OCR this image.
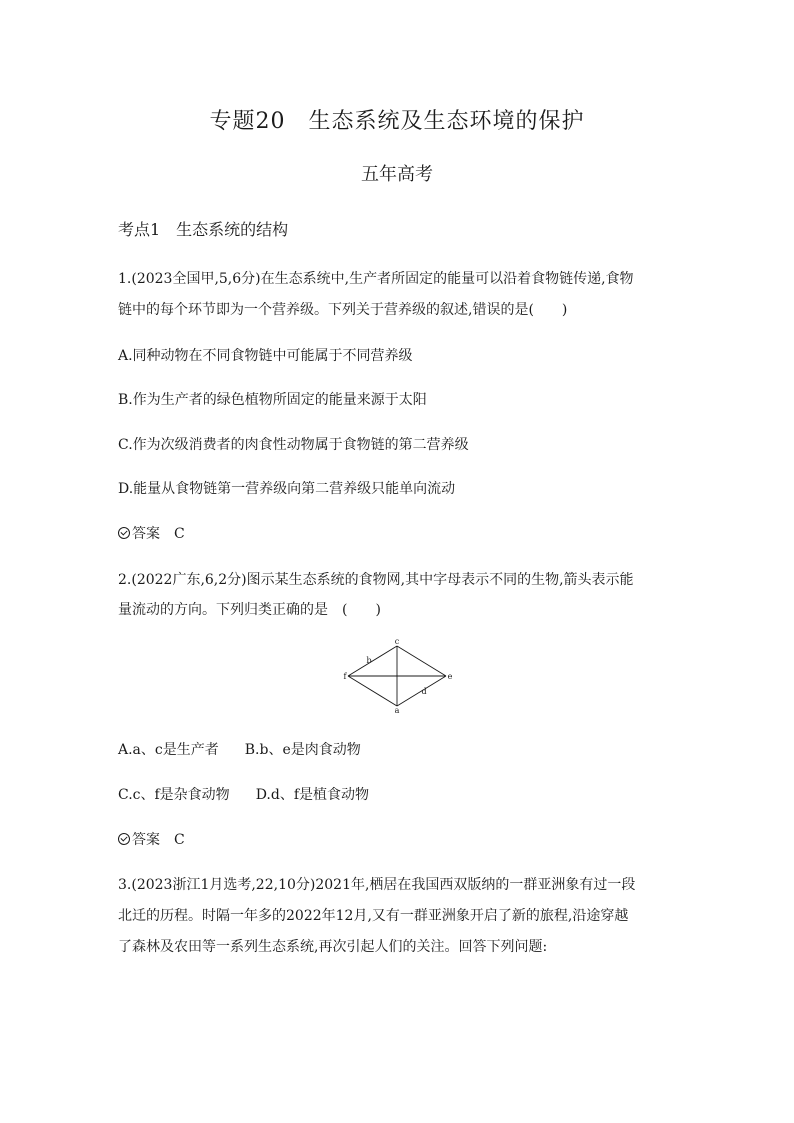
专题20　生态系统及生态环境的保护
五年高考
考点1　生态系统的结构
1.(2023全国甲,5,6分)在生态系统中,生产者所固定的能量可以沿着食物链传递,食物
链中的每个环节即为一个营养级。下列关于营养级的叙述,错误的是(　　)
A.同种动物在不同食物链中可能属于不同营养级
B.作为生产者的绿色植物所固定的能量来源于太阳
C.作为次级消费者的肉食性动物属于食物链的第二营养级
D.能量从食物链第一营养级向第二营养级只能单向流动
答案 C
2.(2022广东,6,2分)图示某生态系统的食物网,其中字母表示不同的生物,箭头表示能
量流动的方向。下列归类正确的是　(　　)
c
b
f	e
d
a
A.a、c是生产者 B.b、e是肉食动物
C.c、f是杂食动物 D.d、f是植食动物
答案 C
3.(2023浙江1月选考,22,10分)2021年,栖居在我国西双版纳的一群亚洲象有过一段
北迁的历程。时隔一年多的2022年12月,又有一群亚洲象开启了新的旅程,沿途穿越
了森林及农田等一系列生态系统,再次引起人们的关注。回答下列问题:
